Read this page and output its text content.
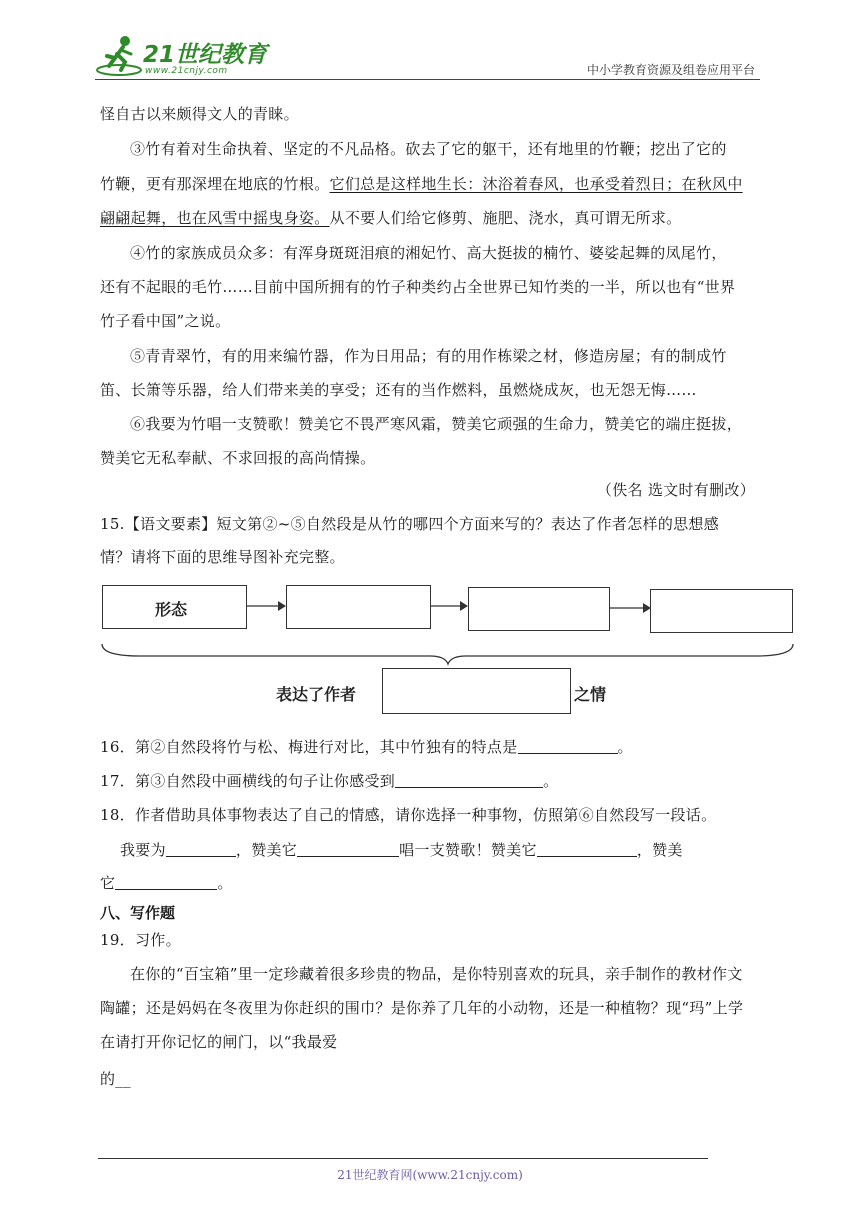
21世纪教育
www.21cnjy.com	中小学教育资源及组卷应用平台
怪自古以来颇得文人的青睐。
③竹有着对生命执着、坚定的不凡品格。砍去了它的躯干，还有地里的竹鞭；挖出了它的
竹鞭，更有那深埋在地底的竹根。它们总是这样地生长：沐浴着春风，也承受着烈日；在秋风中
翩翩起舞，也在风雪中摇曳身姿。从不要人们给它修剪、施肥、浇水，真可谓无所求。
④竹的家族成员众多：有浑身斑斑泪痕的湘妃竹、高大挺拔的楠竹、婆娑起舞的凤尾竹，
还有不起眼的毛竹……目前中国所拥有的竹子种类约占全世界已知竹类的一半，所以也有“世界
竹子看中国”之说。
⑤青青翠竹，有的用来编竹器，作为日用品；有的用作栋梁之材，修造房屋；有的制成竹
笛、长箫等乐器，给人们带来美的享受；还有的当作燃料，虽燃烧成灰，也无怨无悔……
⑥我要为竹唱一支赞歌！赞美它不畏严寒风霜，赞美它顽强的生命力，赞美它的端庄挺拔，
赞美它无私奉献、不求回报的高尚情操。
（佚名 选文时有删改）
15.【语文要素】短文第②~⑤自然段是从竹的哪四个方面来写的？表达了作者怎样的思想感
情？请将下面的思维导图补充完整。
形态
表达了作者	之情
16．第②自然段将竹与松、梅进行对比，其中竹独有的特点是	。
17．第③自然段中画横线的句子让你感受到	。
18．作者借助具体事物表达了自己的情感，请你选择一种事物，仿照第⑥自然段写一段话。
我要为	，赞美它	唱一支赞歌！赞美它	，赞美
它	。
八、写作题
19．习作。
在你的“百宝箱”里一定珍藏着很多珍贵的物品，是你特别喜欢的玩具，亲手制作的教材作文
陶罐；还是妈妈在冬夜里为你赶织的围巾？是你养了几年的小动物，还是一种植物？现“玛”上学
在请打开你记忆的闸门，以“我最爱
的__
21世纪教育网(www.21cnjy.com)
